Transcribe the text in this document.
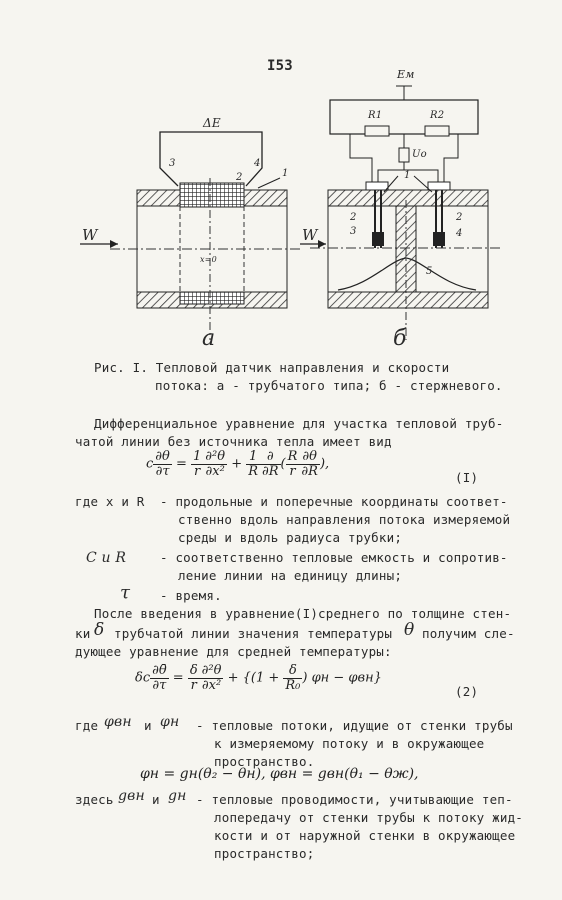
I53
ΔE
3	4
2	1
W
x=0
а
Eм
R1	R2
Uo
1
2
3
2
4
5
W
б
Рис. I. Тепловой датчик направления и скорости
потока: а - трубчатого типа; б - стержневого.
Дифференциальное уравнение для участка тепловой труб-
чатой линии без источника тепла имеет вид
c $\frac{\partial\theta}{\partial\tau} = \frac{1}{r} \frac{\text{∂²θ}}{\text{∂x²}} + \frac{1}{R}$ ∂
∂R ( $\frac{R}{r} \frac{\partial\theta}{\partial R}$ ),
(I)
где x и R - продольные и поперечные координаты соответ-
ственно вдоль направления потока измеряемой
среды и вдоль радиуса трубки;
C и R	- соответственно тепловые емкость и сопротив-
ление линии на единицу длины;
τ - время.
После введения в уравнение(I)среднего по толщине стен-
ки δ трубчатой линии значения температуры θ получим сле-
дующее уравнение для средней температуры:
δc $\frac{\partial\thetā}{\partial\tau} = \frac{\delta}{r} \frac{\text{∂²θ}}{\text{∂x²}} + \{(1 + \frac{\delta}{\text{R₀}}$ ) φн − φвн}
(2)
где φвн и φн - тепловые потоки, идущие от стенки трубы
к измеряемому потоку и в окружающее
пространство.
φн = gн(θ₂ − θн), φвн = gвн(θ₁ − θж),
здесь gвн и gн - тепловые проводимости, учитывающие теп-
лопередачу от стенки трубы к потоку жид-
кости и от наружной стенки в окружающее
пространство;
